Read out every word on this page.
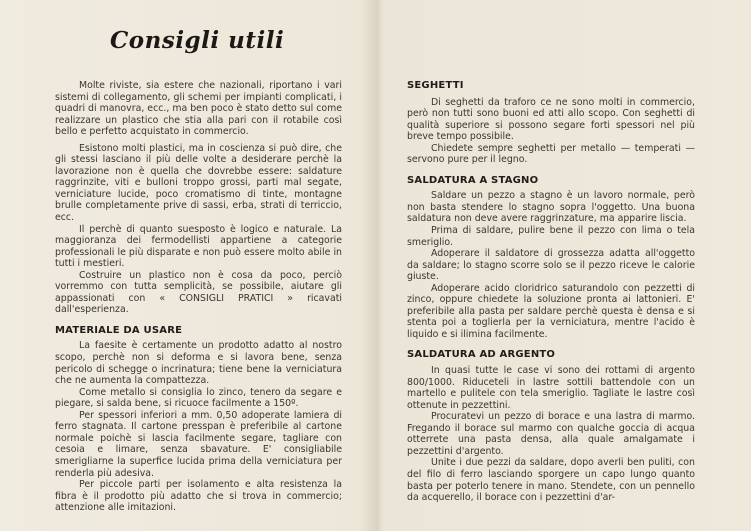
Consigli utili

Molte riviste, sia estere che nazionali, riportano i vari sistemi di collegamento, gli schemi per impianti complicati, i quadri di manovra, ecc., ma ben poco è stato detto sul come realizzare un plastico che stia alla pari con il rotabile così bello e perfetto acquistato in commercio.

Esistono molti plastici, ma in coscienza si può dire, che gli stessi lasciano il più delle volte a desiderare perchè la lavorazione non è quella che dovrebbe essere: saldature raggrinzite, viti e bulloni troppo grossi, parti mal segate, verniciature lucide, poco cromatismo di tinte, montagne brulle completamente prive di sassi, erba, strati di terriccio, ecc.

Il perchè di quanto suesposto è logico e naturale. La maggioranza dei fermodellisti appartiene a categorie professionali le più disparate e non può essere molto abile in tutti i mestieri.

Costruire un plastico non è cosa da poco, perciò vorremmo con tutta semplicità, se possibile, aiutare gli appassionati con « CONSIGLI PRATICI » ricavati dall'esperienza.

MATERIALE DA USARE

La faesite è certamente un prodotto adatto al nostro scopo, perchè non si deforma e si lavora bene, senza pericolo di schegge o incrinatura; tiene bene la verniciatura che ne aumenta la compattezza.

Come metallo si consiglia lo zinco, tenero da segare e piegare, si salda bene, si ricuoce facilmente a 150º.

Per spessori inferiori a mm. 0,50 adoperate lamiera di ferro stagnata. Il cartone presspan è preferibile al cartone normale poichè si lascia facilmente segare, tagliare con cesoia e limare, senza sbavature. E' consigliabile smerigliarne la superfice lucida prima della verniciatura per renderla più adesiva.

Per piccole parti per isolamento e alta resistenza la fibra è il prodotto più adatto che si trova in commercio; attenzione alle imitazioni.

SEGHETTI

Di seghetti da traforo ce ne sono molti in commercio, però non tutti sono buoni ed atti allo scopo. Con seghetti di qualità superiore si possono segare forti spessori nel più breve tempo possibile.

Chiedete sempre seghetti per metallo — temperati — servono pure per il legno.

SALDATURA A STAGNO

Saldare un pezzo a stagno è un lavoro normale, però non basta stendere lo stagno sopra l'oggetto. Una buona saldatura non deve avere raggrinzature, ma apparire liscia.

Prima di saldare, pulire bene il pezzo con lima o tela smeriglio.

Adoperare il saldatore di grossezza adatta all'oggetto da saldare; lo stagno scorre solo se il pezzo riceve le calorie giuste.

Adoperare acido cloridrico saturandolo con pezzetti di zinco, oppure chiedete la soluzione pronta ai lattonieri. E' preferibile alla pasta per saldare perchè questa è densa e si stenta poi a toglierla per la verniciatura, mentre l'acido è liquido e si ilimina facilmente.

SALDATURA AD ARGENTO

In quasi tutte le case vi sono dei rottami di argento 800/1000. Riduceteli in lastre sottili battendole con un martello e pulitele con tela smeriglio. Tagliate le lastre così ottenute in pezzettini.

Procuratevi un pezzo di borace e una lastra di marmo. Fregando il borace sul marmo con qualche goccia di acqua otterrete una pasta densa, alla quale amalgamate i pezzettini d'argento.

Unite i due pezzi da saldare, dopo averli ben puliti, con del filo di ferro lasciando sporgere un capo lungo quanto basta per poterlo tenere in mano. Stendete, con un pennello da acquerello, il borace con i pezzettini d'ar-
